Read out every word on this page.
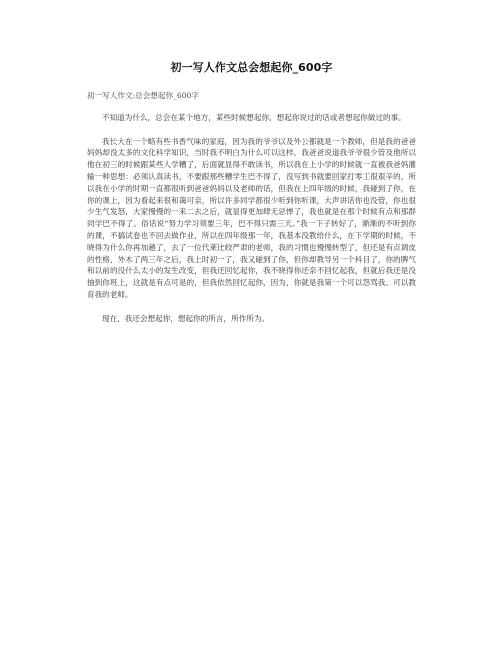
初一写人作文总会想起你_600字

初一写人作文:总会想起你_600字

不知道为什么，总会在某个地方，某些时候想起你，想起你说过的话或者想起你做过的事。

我长大在一个略有些书香气味的家庭，因为我的爷爷以及外公都就是一个教师，但是我的爸爸妈妈却没太多的文化科学知识，当时我不明白为什么可以这样，我爸爸说道我爷爷很少管及他所以他在初三的时候跟某些人学糟了，后面就显得不敢读书，所以我在上小学的时候就一直被我爸妈灌输一种思想：必须认真读书，不要跟那些糟学生巴不得了，没写到书就要回家打零工很艰辛的，所以我在小学的时期一直都很听到爸爸妈妈以及老师的话，但我在上四年级的时候，我碰到了你，在你的课上，因为看起来很和蔼可亲，所以许多同学都很少听到你听课，大声讲话你也没管，你也很少生气发怒，大家慢慢的一来二去之后，就显得更加肆无忌惮了，我也就是在那个时候有点和那群同学巴不得了。俗话说“努力学习须要三年，巴不得只需三天。”我一下子转好了，渐渐的不听到你的课，不搞试卷也不回去做作业，所以在四年级那一年，我基本没教给什么，在下学期的时候，不晓得为什么你再加趟了，去了一位代莱比较严肃的老师，我的习惯也慢慢转型了，但还是有点调皮的性格，外木了两三年之后，我上时初一了，我又碰到了你，但你却教导另一个科目了，你的脾气和以前的没什么太小的发生改变，但我还回忆起你，我不晓得你还亲不回忆起我，但就后我还是没抽到你班上，这就是有点可是的，但我依然回忆起你，因为，你就是我第一个可以怨骂我、可以教育我的老师。

现在，我还会想起你，想起你的所言，所作所为。
